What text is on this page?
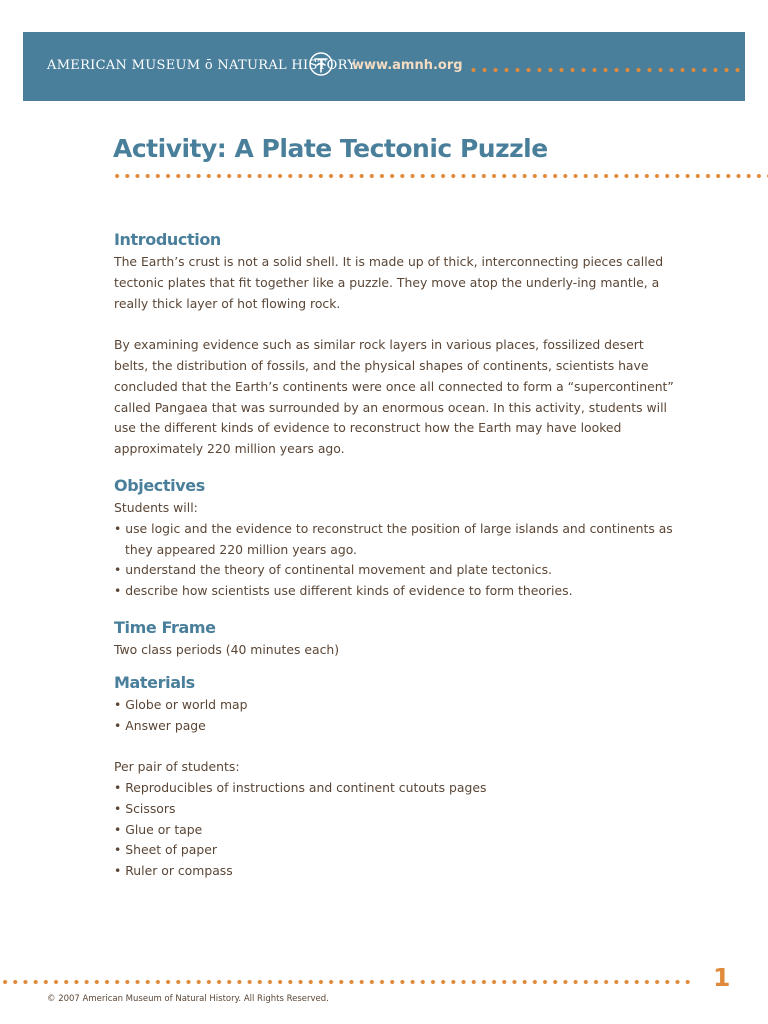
AMERICAN MUSEUM ō NATURAL HISTORY
www.amnh.org
Activity: A Plate Tectonic Puzzle
Introduction

The Earth’s crust is not a solid shell. It is made up of thick, interconnecting pieces called tectonic plates that fit together like a puzzle. They move atop the underly-ing mantle, a really thick layer of hot flowing rock.

By examining evidence such as similar rock layers in various places, fossilized desert belts, the distribution of fossils, and the physical shapes of continents, scientists have concluded that the Earth’s continents were once all connected to form a “supercontinent” called Pangaea that was surrounded by an enormous ocean. In this activity, students will use the different kinds of evidence to reconstruct how the Earth may have looked approximately 220 million years ago.

Objectives

Students will:

• use logic and the evidence to reconstruct the position of large islands and continents as they appeared 220 million years ago.
• understand the theory of continental movement and plate tectonics.
• describe how scientists use different kinds of evidence to form theories.
Time Frame

Two class periods (40 minutes each)

Materials
• Globe or world map
• Answer page

Per pair of students:

• Reproducibles of instructions and continent cutouts pages
• Scissors
• Glue or tape
• Sheet of paper
• Ruler or compass
1
© 2007 American Museum of Natural History. All Rights Reserved.
